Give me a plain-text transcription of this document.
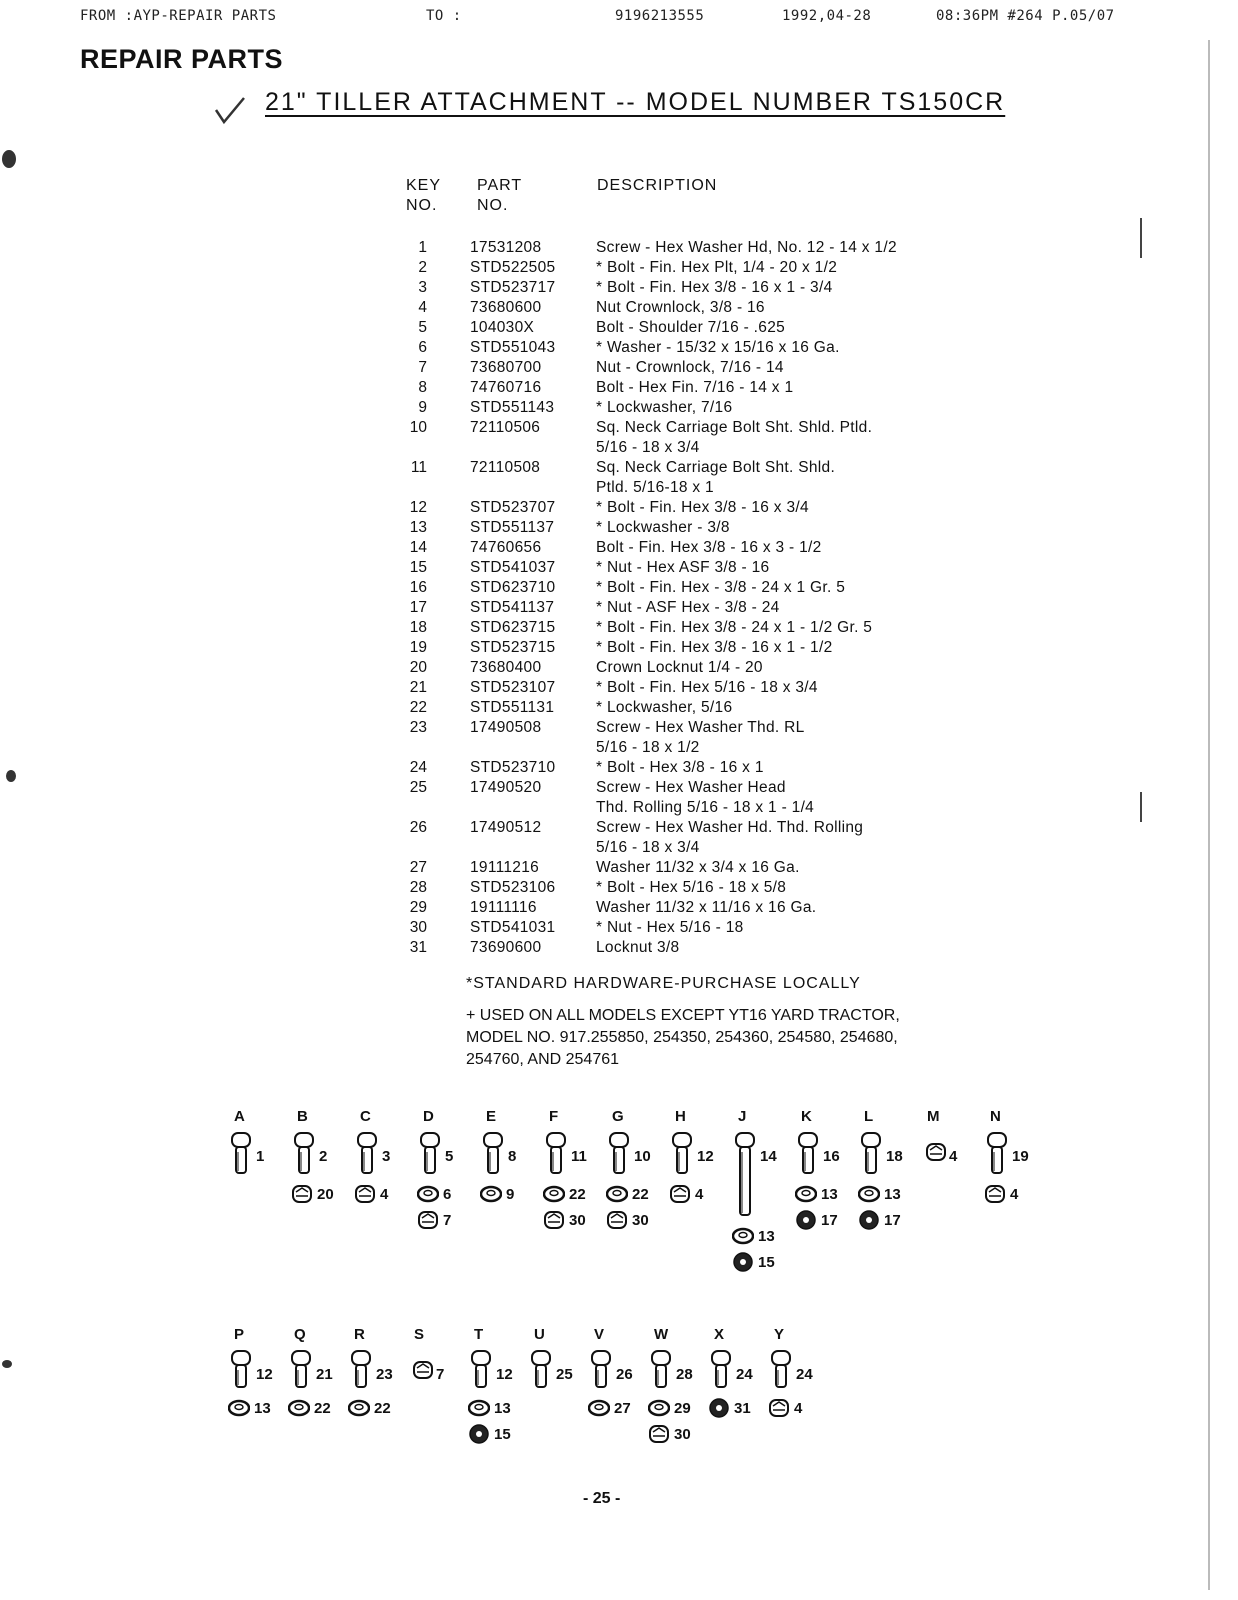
FROM :AYP-REPAIR PARTS	TO :	9196213555	1992,04-28	08:36PM #264 P.05/07
REPAIR PARTS
21" TILLER ATTACHMENT -- MODEL NUMBER TS150CR
KEY
NO.
PART
NO.
DESCRIPTION
1	17531208	Screw - Hex Washer Hd, No. 12 - 14 x 1/2
2	STD522505	* Bolt - Fin. Hex Plt, 1/4 - 20 x 1/2
3	STD523717	* Bolt - Fin. Hex 3/8 - 16 x 1 - 3/4
4	73680600	Nut Crownlock, 3/8 - 16
5	104030X	Bolt - Shoulder 7/16 - .625
6	STD551043	* Washer - 15/32 x 15/16 x 16 Ga.
7	73680700	Nut - Crownlock, 7/16 - 14
8	74760716	Bolt - Hex Fin. 7/16 - 14 x 1
9	STD551143	* Lockwasher, 7/16
10	72110506	Sq. Neck Carriage Bolt Sht. Shld. Ptld.
5/16 - 18 x 3/4
11	72110508	Sq. Neck Carriage Bolt Sht. Shld.
Ptld. 5/16-18 x 1
12	STD523707	* Bolt - Fin. Hex 3/8 - 16 x 3/4
13	STD551137	* Lockwasher - 3/8
14	74760656	Bolt - Fin. Hex 3/8 - 16 x 3 - 1/2
15	STD541037	* Nut - Hex ASF 3/8 - 16
16	STD623710	* Bolt - Fin. Hex - 3/8 - 24 x 1 Gr. 5
17	STD541137	* Nut - ASF Hex - 3/8 - 24
18	STD623715	* Bolt - Fin. Hex 3/8 - 24 x 1 - 1/2 Gr. 5
19	STD523715	* Bolt - Fin. Hex 3/8 - 16 x 1 - 1/2
20	73680400	Crown Locknut 1/4 - 20
21	STD523107	* Bolt - Fin. Hex 5/16 - 18 x 3/4
22	STD551131	* Lockwasher, 5/16
23	17490508	Screw - Hex Washer Thd. RL
5/16 - 18 x 1/2
24	STD523710	* Bolt - Hex 3/8 - 16 x 1
25	17490520	Screw - Hex Washer Head
Thd. Rolling 5/16 - 18 x 1 - 1/4
26	17490512	Screw - Hex Washer Hd. Thd. Rolling
5/16 - 18 x 3/4
27	19111216	Washer 11/32 x 3/4 x 16 Ga.
28	STD523106	* Bolt - Hex 5/16 - 18 x 5/8
29	19111116	Washer 11/32 x 11/16 x 16 Ga.
30	STD541031	* Nut - Hex 5/16 - 18
31	73690600	Locknut 3/8
*STANDARD HARDWARE-PURCHASE LOCALLY
+ USED ON ALL MODELS EXCEPT YT16 YARD TRACTOR,
MODEL NO. 917.255850, 254350, 254360, 254580, 254680,
254760, AND 254761
A
1
B
2
20
C
3
4
D
5
6
7
E
8
9
F
11
22
30
G
10
22
30
H
12
4
J
14
13
15
K
16
13
17
L
18
13
17
M
4
N
19
4
P
12
13
Q
21
22
R
23
22
S
7
T
12
13
15
U
25
V
26
27
W
28
29
30
X
24
31
Y
24
4
- 25 -
